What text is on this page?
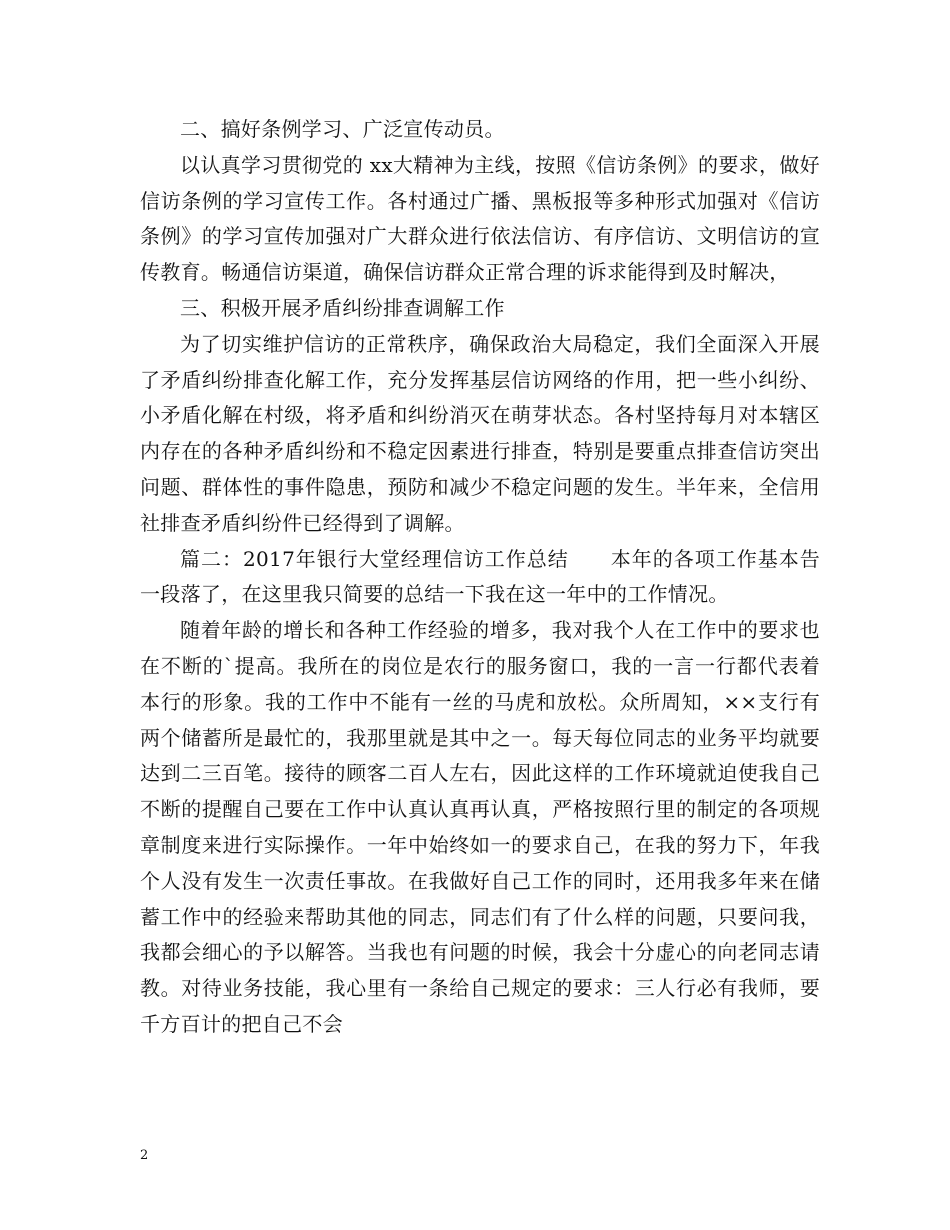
二、搞好条例学习、广泛宣传动员。

以认真学习贯彻党的 xx大精神为主线，按照《信访条例》的要求，做好信访条例的学习宣传工作。各村通过广播、黑板报等多种形式加强对《信访条例》的学习宣传加强对广大群众进行依法信访、有序信访、文明信访的宣传教育。畅通信访渠道，确保信访群众正常合理的诉求能得到及时解决，

三、积极开展矛盾纠纷排查调解工作

为了切实维护信访的正常秩序，确保政治大局稳定，我们全面深入开展了矛盾纠纷排查化解工作，充分发挥基层信访网络的作用，把一些小纠纷、小矛盾化解在村级，将矛盾和纠纷消灭在萌芽状态。各村坚持每月对本辖区内存在的各种矛盾纠纷和不稳定因素进行排查，特别是要重点排查信访突出问题、群体性的事件隐患，预防和减少不稳定问题的发生。半年来，全信用社排查矛盾纠纷件已经得到了调解。

篇二：2017年银行大堂经理信访工作总结　　本年的各项工作基本告一段落了，在这里我只简要的总结一下我在这一年中的工作情况。

随着年龄的增长和各种工作经验的增多，我对我个人在工作中的要求也在不断的`提高。我所在的岗位是农行的服务窗口，我的一言一行都代表着本行的形象。我的工作中不能有一丝的马虎和放松。众所周知，××支行有两个储蓄所是最忙的，我那里就是其中之一。每天每位同志的业务平均就要达到二三百笔。接待的顾客二百人左右，因此这样的工作环境就迫使我自己不断的提醒自己要在工作中认真认真再认真，严格按照行里的制定的各项规章制度来进行实际操作。一年中始终如一的要求自己，在我的努力下，年我个人没有发生一次责任事故。在我做好自己工作的同时，还用我多年来在储蓄工作中的经验来帮助其他的同志，同志们有了什么样的问题，只要问我，我都会细心的予以解答。当我也有问题的时候，我会十分虚心的向老同志请教。对待业务技能，我心里有一条给自己规定的要求：三人行必有我师，要千方百计的把自己不会

2
